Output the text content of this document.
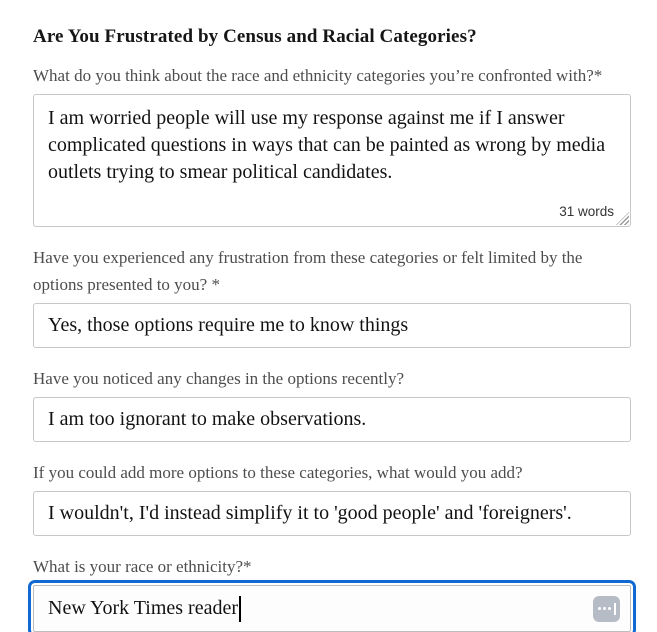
Are You Frustrated by Census and Racial Categories?
What do you think about the race and ethnicity categories you’re confronted with?*
I am worried people will use my response against me if I answer complicated questions in ways that can be painted as wrong by media outlets trying to smear political candidates.
31 words
Have you experienced any frustration from these categories or felt limited by the options presented to you? *
Yes, those options require me to know things
Have you noticed any changes in the options recently?
I am too ignorant to make observations.
If you could add more options to these categories, what would you add?
I wouldn't, I'd instead simplify it to 'good people' and 'foreigners'.
What is your race or ethnicity?*
New York Times reader
